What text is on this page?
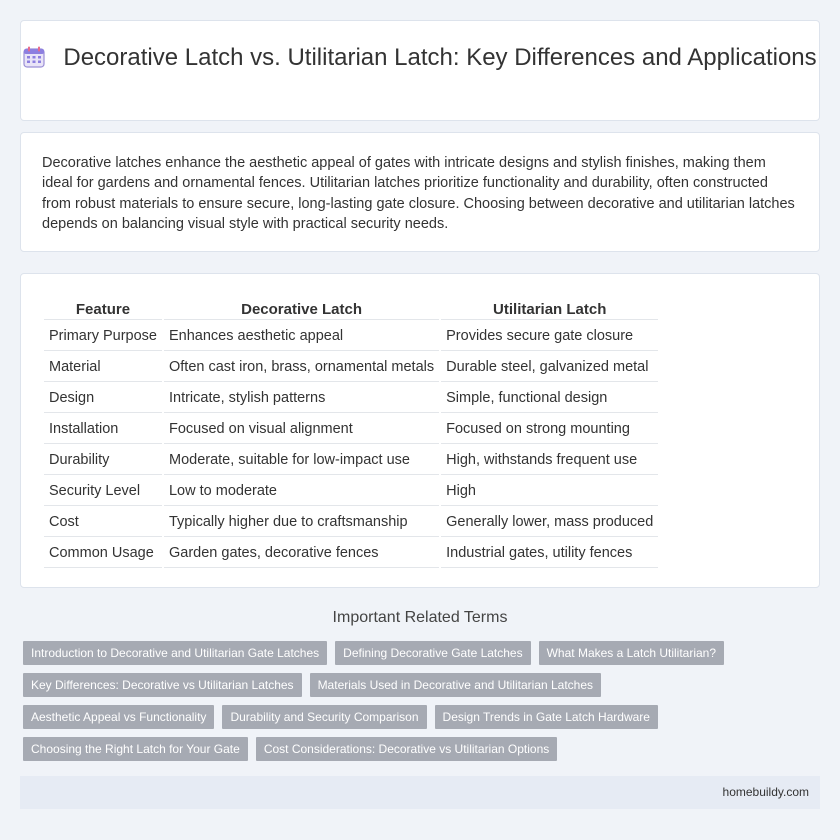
Decorative Latch vs. Utilitarian Latch: Key Differences and Applications

Decorative latches enhance the aesthetic appeal of gates with intricate designs and stylish finishes, making them ideal for gardens and ornamental fences. Utilitarian latches prioritize functionality and durability, often constructed from robust materials to ensure secure, long-lasting gate closure. Choosing between decorative and utilitarian latches depends on balancing visual style with practical security needs.

Feature	Decorative Latch	Utilitarian Latch
Primary Purpose	Enhances aesthetic appeal	Provides secure gate closure
Material	Often cast iron, brass, ornamental metals	Durable steel, galvanized metal
Design	Intricate, stylish patterns	Simple, functional design
Installation	Focused on visual alignment	Focused on strong mounting
Durability	Moderate, suitable for low-impact use	High, withstands frequent use
Security Level	Low to moderate	High
Cost	Typically higher due to craftsmanship	Generally lower, mass produced
Common Usage	Garden gates, decorative fences	Industrial gates, utility fences
Important Related Terms
Introduction to Decorative and Utilitarian Gate Latches	Defining Decorative Gate Latches	What Makes a Latch Utilitarian?
Key Differences: Decorative vs Utilitarian Latches	Materials Used in Decorative and Utilitarian Latches
Aesthetic Appeal vs Functionality	Durability and Security Comparison	Design Trends in Gate Latch Hardware
Choosing the Right Latch for Your Gate	Cost Considerations: Decorative vs Utilitarian Options
homebuildy.com
